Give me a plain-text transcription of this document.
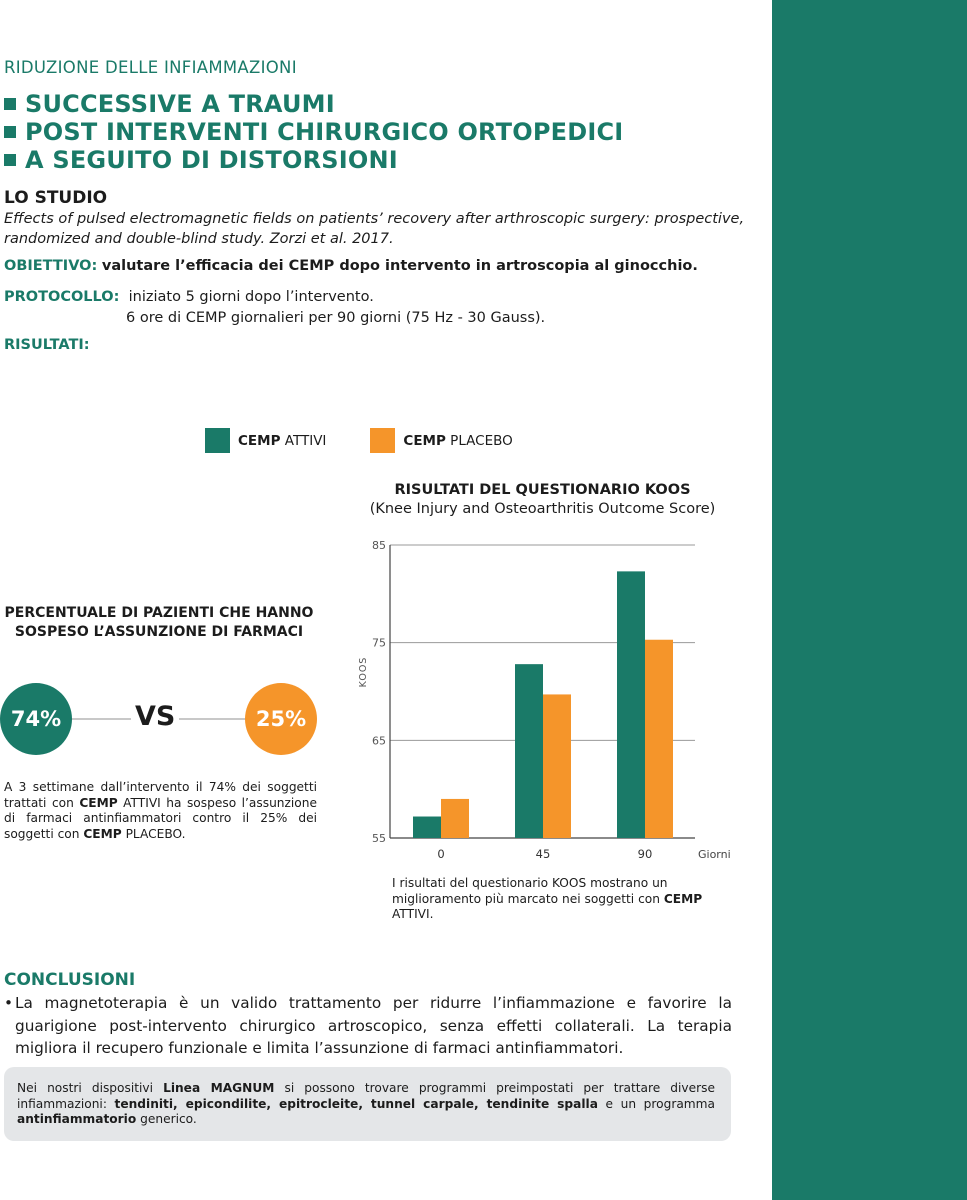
RIDUZIONE DELLE INFIAMMAZIONI
SUCCESSIVE A TRAUMI
POST INTERVENTI CHIRURGICO ORTOPEDICI
A SEGUITO DI DISTORSIONI
LO STUDIO
Effects of pulsed electromagnetic fields on patients’ recovery after arthroscopic surgery: prospective, randomized and double-blind study. Zorzi et al. 2017.
OBIETTIVO: valutare l’efficacia dei CEMP dopo intervento in artroscopia al ginocchio.
PROTOCOLLO: iniziato 5 giorni dopo l’intervento.
6 ore di CEMP giornalieri per 90 giorni (75 Hz - 30 Gauss).
RISULTATI:
CEMP
ATTIVI	CEMP
PLACEBO
RISULTATI DEL QUESTIONARIO KOOS
(Knee Injury and Osteoarthritis Outcome Score)
85
75
65
55
0	45	90	Giorni
KOOS
PERCENTUALE DI PAZIENTI CHE HANNO SOSPESO L’ASSUNZIONE DI FARMACI
74%	VS	25%
A 3 settimane dall’intervento il 74% dei soggetti trattati con CEMP ATTIVI ha sospeso l’assunzione di farmaci antinfiammatori contro il 25% dei soggetti con CEMP PLACEBO.
I risultati del questionario KOOS mostrano un miglioramento più marcato nei soggetti con CEMP ATTIVI.
CONCLUSIONI
• La magnetoterapia è un valido trattamento per ridurre l’infiammazione e favorire la guarigione post-intervento chirurgico artroscopico, senza effetti collaterali. La terapia migliora il recupero funzionale e limita l’assunzione di farmaci antinfiammatori.
Nei nostri dispositivi Linea MAGNUM si possono trovare programmi preimpostati per trattare diverse infiammazioni: tendiniti, epicondilite, epitrocleite, tunnel carpale, tendinite spalla e un programma antinfiammatorio generico.
